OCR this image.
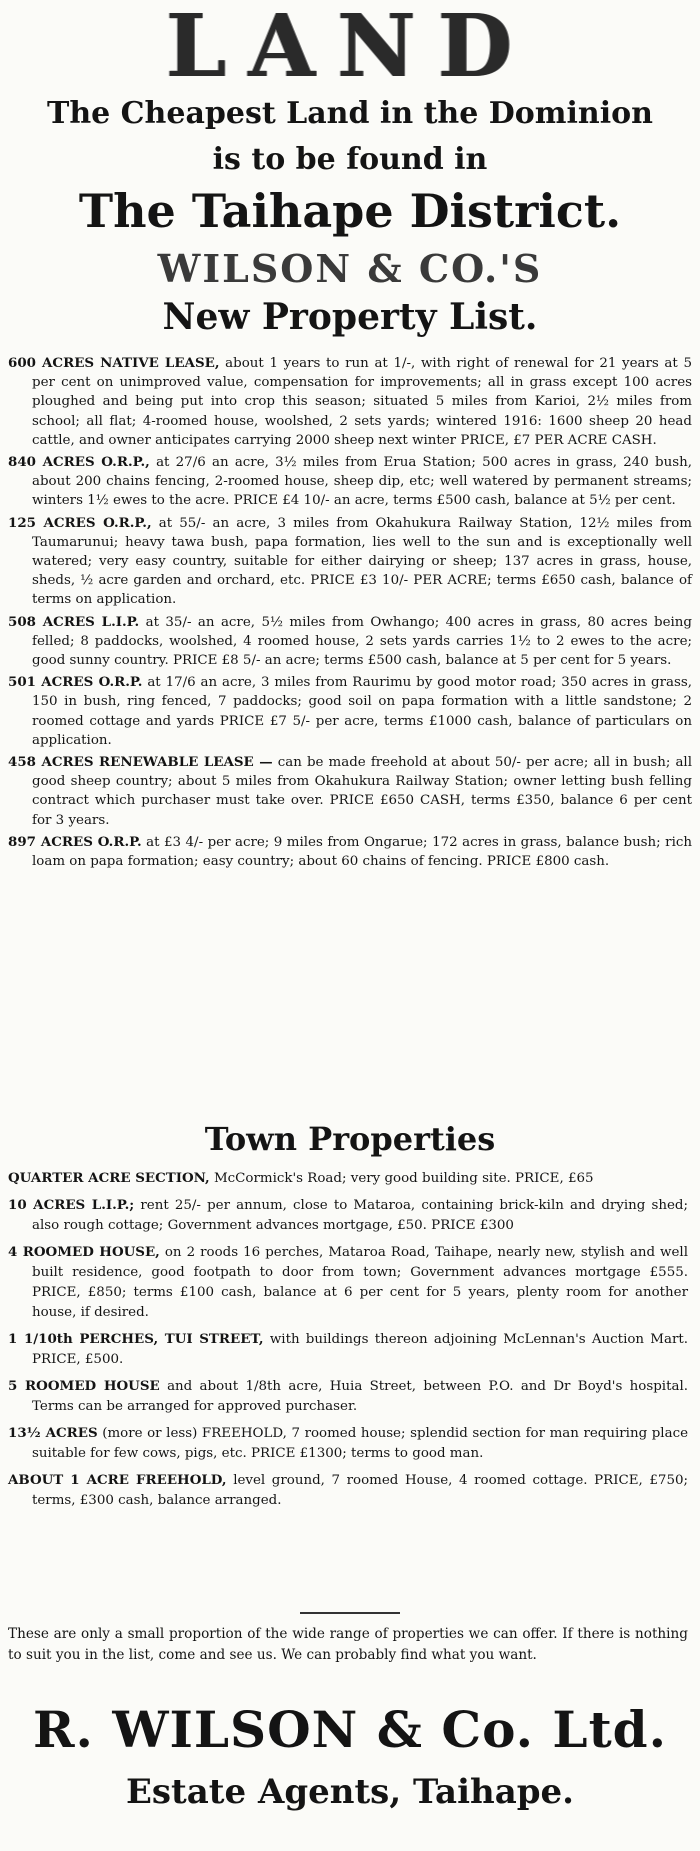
LAND
The Cheapest Land in the Dominion
is to be found in
The Taihape District.
WILSON & CO.'S
New Property List.

600 ACRES NATIVE LEASE, about 1 years to run at 1/-, with right of renewal for 21 years at 5 per cent on unimproved value, compensation for improvements; all in grass except 100 acres ploughed and being put into crop this season; situated 5 miles from Karioi, 2½ miles from school; all flat; 4-roomed house, woolshed, 2 sets yards; wintered 1916: 1600 sheep 20 head cattle, and owner anticipates carrying 2000 sheep next winter PRICE, £7 PER ACRE CASH.

840 ACRES O.R.P., at 27/6 an acre, 3½ miles from Erua Station; 500 acres in grass, 240 bush, about 200 chains fencing, 2-roomed house, sheep dip, etc; well watered by permanent streams; winters 1½ ewes to the acre. PRICE £4 10/- an acre, terms £500 cash, balance at 5½ per cent.

125 ACRES O.R.P., at 55/- an acre, 3 miles from Okahukura Railway Station, 12½ miles from Taumarunui; heavy tawa bush, papa formation, lies well to the sun and is exceptionally well watered; very easy country, suitable for either dairying or sheep; 137 acres in grass, house, sheds, ½ acre garden and orchard, etc. PRICE £3 10/- PER ACRE; terms £650 cash, balance of terms on application.

508 ACRES L.I.P. at 35/- an acre, 5½ miles from Owhango; 400 acres in grass, 80 acres being felled; 8 paddocks, woolshed, 4 roomed house, 2 sets yards carries 1½ to 2 ewes to the acre; good sunny country. PRICE £8 5/- an acre; terms £500 cash, balance at 5 per cent for 5 years.

501 ACRES O.R.P. at 17/6 an acre, 3 miles from Raurimu by good motor road; 350 acres in grass, 150 in bush, ring fenced, 7 paddocks; good soil on papa formation with a little sandstone; 2 roomed cottage and yards PRICE £7 5/- per acre, terms £1000 cash, balance of particulars on application.

458 ACRES RENEWABLE LEASE — can be made freehold at about 50/- per acre; all in bush; all good sheep country; about 5 miles from Okahukura Railway Station; owner letting bush felling contract which purchaser must take over. PRICE £650 CASH, terms £350, balance 6 per cent for 3 years.

897 ACRES O.R.P. at £3 4/- per acre; 9 miles from Ongarue; 172 acres in grass, balance bush; rich loam on papa formation; easy country; about 60 chains of fencing. PRICE £800 cash.

Town Properties

QUARTER ACRE SECTION, McCormick's Road; very good building site. PRICE, £65

10 ACRES L.I.P.; rent 25/- per annum, close to Mataroa, containing brick-kiln and drying shed; also rough cottage; Government advances mortgage, £50. PRICE £300

4 ROOMED HOUSE, on 2 roods 16 perches, Mataroa Road, Taihape, nearly new, stylish and well built residence, good footpath to door from town; Government advances mortgage £555. PRICE, £850; terms £100 cash, balance at 6 per cent for 5 years, plenty room for another house, if desired.

1 1/10th PERCHES, TUI STREET, with buildings thereon adjoining McLennan's Auction Mart. PRICE, £500.

5 ROOMED HOUSE and about 1/8th acre, Huia Street, between P.O. and Dr Boyd's hospital. Terms can be arranged for approved purchaser.

13½ ACRES (more or less) FREEHOLD, 7 roomed house; splendid section for man requiring place suitable for few cows, pigs, etc. PRICE £1300; terms to good man.

ABOUT 1 ACRE FREEHOLD, level ground, 7 roomed House, 4 roomed cottage. PRICE, £750; terms, £300 cash, balance arranged.

These are only a small proportion of the wide range of properties we can offer. If there is nothing to suit you in the list, come and see us. We can probably find what you want.
R. WILSON & Co. Ltd.
Estate Agents, Taihape.
